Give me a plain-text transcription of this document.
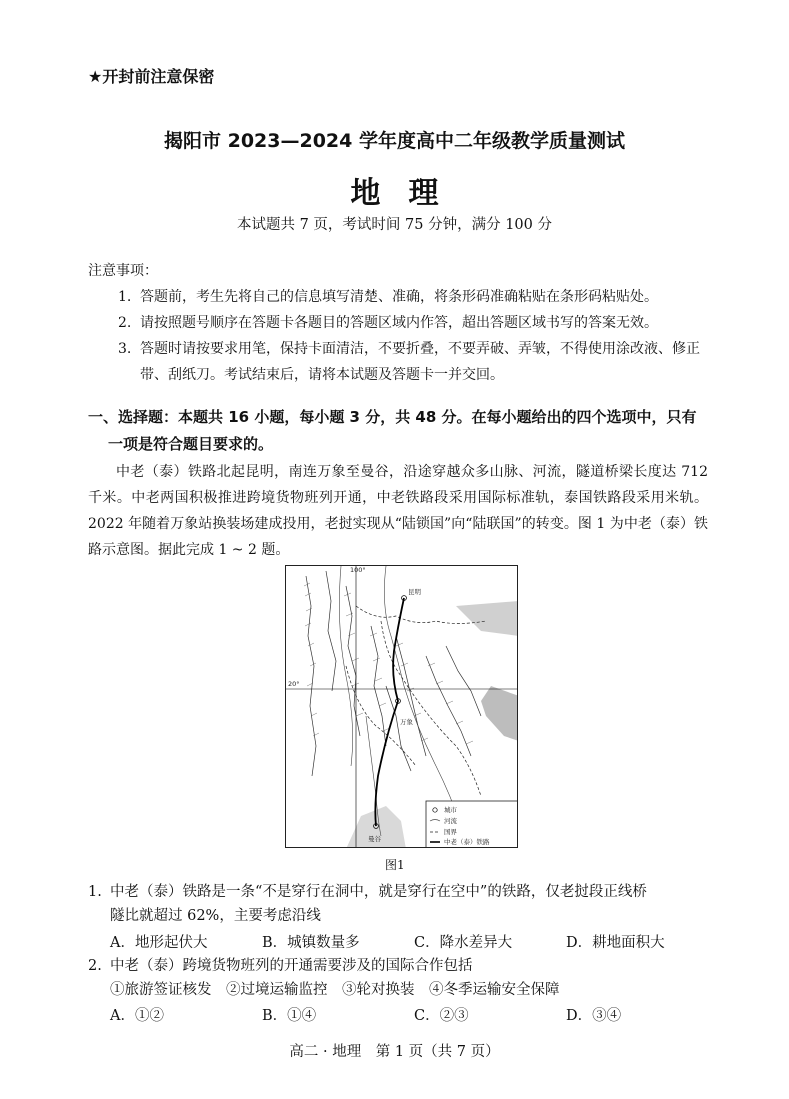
★开封前注意保密
揭阳市 2023—2024 学年度高中二年级教学质量测试
地理
本试题共 7 页，考试时间 75 分钟，满分 100 分
注意事项：
1. 答题前，考生先将自己的信息填写清楚、准确，将条形码准确粘贴在条形码粘贴处。
2. 请按照题号顺序在答题卡各题目的答题区域内作答，超出答题区域书写的答案无效。
3. 答题时请按要求用笔，保持卡面清洁，不要折叠，不要弄破、弄皱，不得使用涂改液、修正带、刮纸刀。考试结束后，请将本试题及答题卡一并交回。
一、选择题：本题共 16 小题，每小题 3 分，共 48 分。在每小题给出的四个选项中，只有
一项是符合题目要求的。
中老（泰）铁路北起昆明，南连万象至曼谷，沿途穿越众多山脉、河流，隧道桥梁长度达 712 千米。中老两国积极推进跨境货物班列开通，中老铁路段采用国际标准轨，泰国铁路段采用米轨。2022 年随着万象站换装场建成投用，老挝实现从“陆锁国”向“陆联国”的转变。图 1 为中老（泰）铁路示意图。据此完成 1 ~ 2 题。
昆明
万象
曼谷
100°
20°
城市
河流
国界
中老（泰）铁路
图1
1. 中老（泰）铁路是一条“不是穿行在洞中，就是穿行在空中”的铁路，仅老挝段正线桥
隧比就超过 62%，主要考虑沿线
A．地形起伏大	B．城镇数量多	C．降水差异大	D．耕地面积大
2. 中老（泰）跨境货物班列的开通需要涉及的国际合作包括
①旅游签证核发　②过境运输监控　③轮对换装　④冬季运输安全保障
A．①②	B．①④	C．②③	D．③④
高二 · 地理　第 1 页（共 7 页）
